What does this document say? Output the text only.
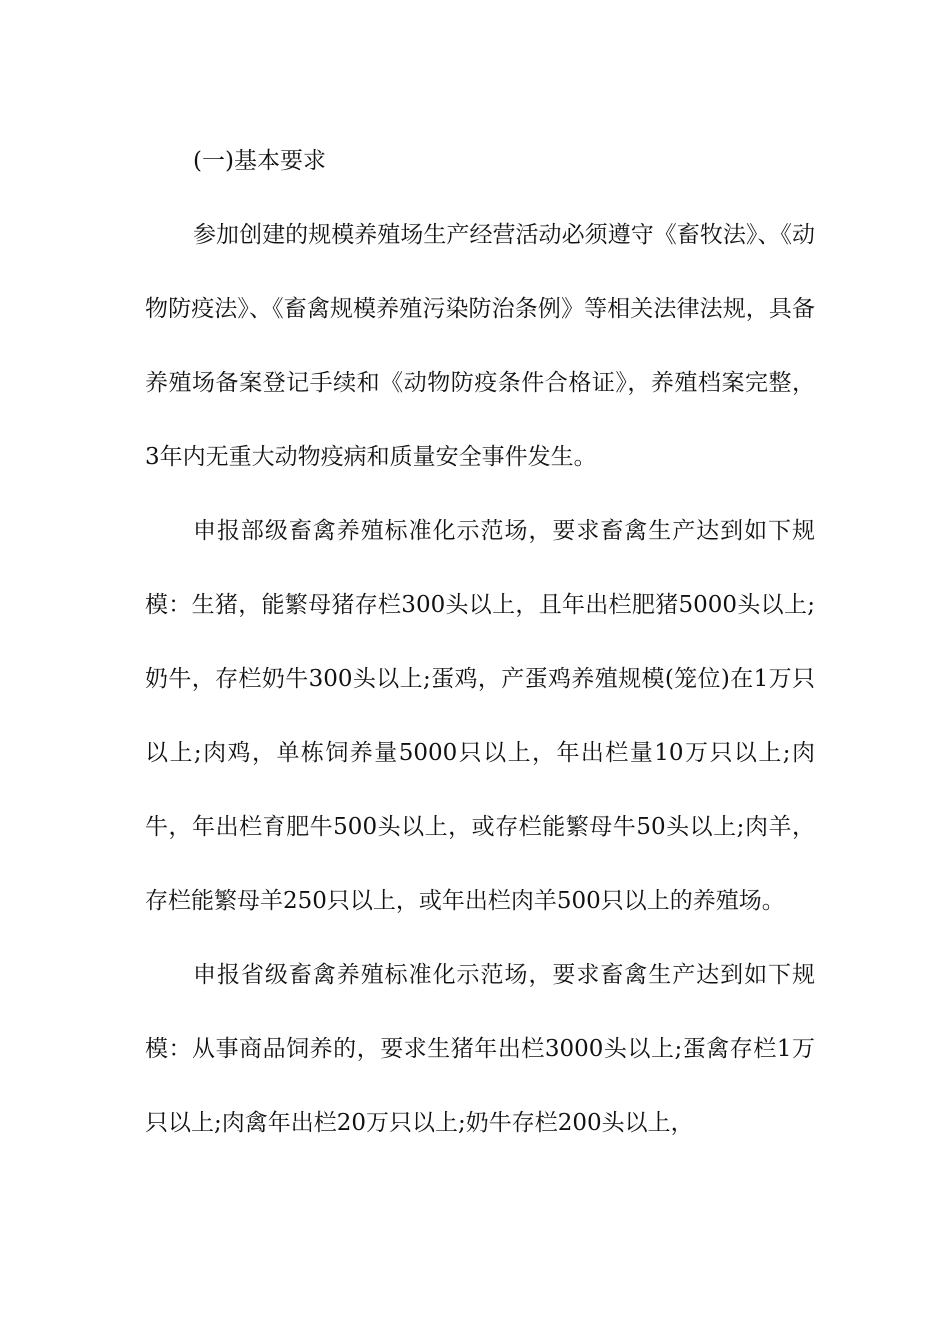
(一)基本要求

参加创建的规模养殖场生产经营活动必须遵守《畜牧法》、《动物防疫法》、《畜禽规模养殖污染防治条例》等相关法律法规，具备养殖场备案登记手续和《动物防疫条件合格证》，养殖档案完整，3年内无重大动物疫病和质量安全事件发生。

申报部级畜禽养殖标准化示范场，要求畜禽生产达到如下规模：生猪，能繁母猪存栏300头以上，且年出栏肥猪5000头以上;奶牛，存栏奶牛300头以上;蛋鸡，产蛋鸡养殖规模(笼位)在1万只以上;肉鸡，单栋饲养量5000只以上，年出栏量10万只以上;肉牛，年出栏育肥牛500头以上，或存栏能繁母牛50头以上;肉羊，存栏能繁母羊250只以上，或年出栏肉羊500只以上的养殖场。

申报省级畜禽养殖标准化示范场，要求畜禽生产达到如下规模：从事商品饲养的，要求生猪年出栏3000头以上;蛋禽存栏1万只以上;肉禽年出栏20万只以上;奶牛存栏200头以上，
